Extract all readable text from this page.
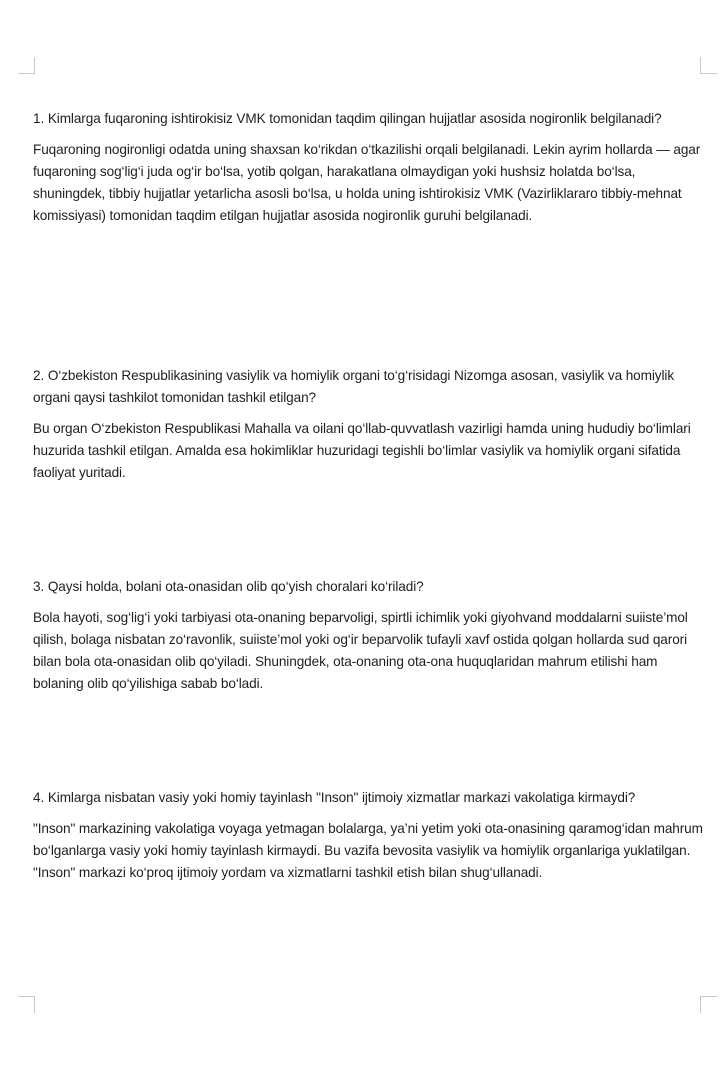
1. Kimlarga fuqaroning ishtirokisiz VMK tomonidan taqdim qilingan hujjatlar asosida nogironlik belgilanadi?

Fuqaroning nogironligi odatda uning shaxsan ko‘rikdan o‘tkazilishi orqali belgilanadi. Lekin ayrim hollarda — agar fuqaroning sog‘lig‘i juda og‘ir bo‘lsa, yotib qolgan, harakatlana olmaydigan yoki hushsiz holatda bo‘lsa, shuningdek, tibbiy hujjatlar yetarlicha asosli bo‘lsa, u holda uning ishtirokisiz VMK (Vazirliklararo tibbiy-mehnat komissiyasi) tomonidan taqdim etilgan hujjatlar asosida nogironlik guruhi belgilanadi.

2. O‘zbekiston Respublikasining vasiylik va homiylik organi to‘g‘risidagi Nizomga asosan, vasiylik va homiylik organi qaysi tashkilot tomonidan tashkil etilgan?

Bu organ O‘zbekiston Respublikasi Mahalla va oilani qo‘llab-quvvatlash vazirligi hamda uning hududiy bo‘limlari huzurida tashkil etilgan. Amalda esa hokimliklar huzuridagi tegishli bo‘limlar vasiylik va homiylik organi sifatida faoliyat yuritadi.

3. Qaysi holda, bolani ota-onasidan olib qo‘yish choralari ko‘riladi?

Bola hayoti, sog‘lig‘i yoki tarbiyasi ota-onaning beparvoligi, spirtli ichimlik yoki giyohvand moddalarni suiiste’mol qilish, bolaga nisbatan zo‘ravonlik, suiiste’mol yoki og‘ir beparvolik tufayli xavf ostida qolgan hollarda sud qarori bilan bola ota-onasidan olib qo‘yiladi. Shuningdek, ota-onaning ota-ona huquqlaridan mahrum etilishi ham bolaning olib qo‘yilishiga sabab bo‘ladi.

4. Kimlarga nisbatan vasiy yoki homiy tayinlash "Inson" ijtimoiy xizmatlar markazi vakolatiga kirmaydi?

"Inson" markazining vakolatiga voyaga yetmagan bolalarga, ya’ni yetim yoki ota-onasining qaramog‘idan mahrum bo‘lganlarga vasiy yoki homiy tayinlash kirmaydi. Bu vazifa bevosita vasiylik va homiylik organlariga yuklatilgan. "Inson" markazi ko‘proq ijtimoiy yordam va xizmatlarni tashkil etish bilan shug‘ullanadi.
